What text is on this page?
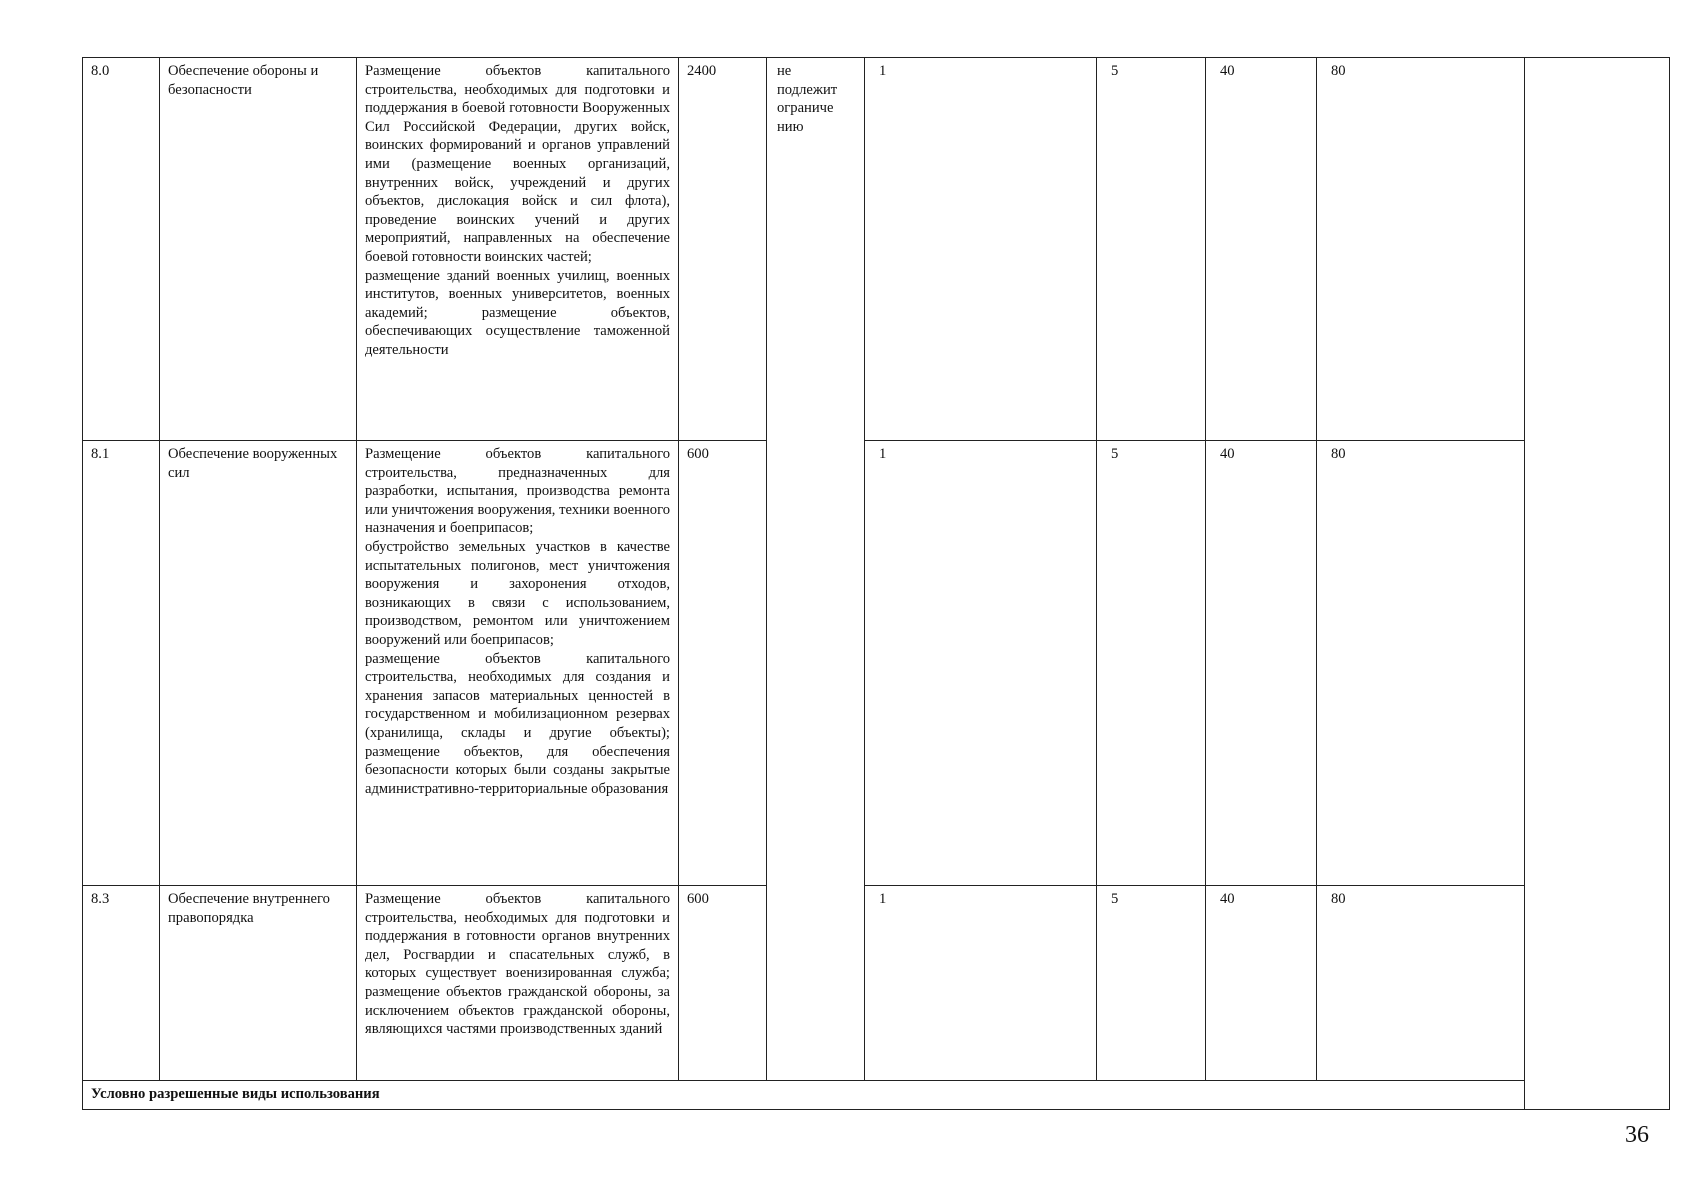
8.0	Обеспечение обороны и безопасности	Размещение объектов капитального строительства, необходимых для подготовки и поддержания в боевой готовности Вооруженных Сил Российской Федерации, других войск, воинских формирований и органов управлений ими (размещение военных организаций, внутренних войск, учреждений и других объектов, дислокация войск и сил флота), проведение воинских учений и других мероприятий, направленных на обеспечение боевой готовности воинских частей;
размещение зданий военных училищ, военных институтов, военных университетов, военных академий; размещение объектов, обеспечивающих осуществление таможенной деятельности	2400	не подлежит ограниче нию	1	5	40	80	
8.1	Обеспечение вооруженных сил	Размещение объектов капитального строительства, предназначенных для разработки, испытания, производства ремонта или уничтожения вооружения, техники военного назначения и боеприпасов;
обустройство земельных участков в качестве испытательных полигонов, мест уничтожения вооружения и захоронения отходов, возникающих в связи с использованием, производством, ремонтом или уничтожением вооружений или боеприпасов;
размещение объектов капитального строительства, необходимых для создания и хранения запасов материальных ценностей в государственном и мобилизационном резервах (хранилища, склады и другие объекты); размещение объектов, для обеспечения безопасности которых были созданы закрытые административно-территориальные образования	600		1	5	40	80	
8.3	Обеспечение внутреннего правопорядка	Размещение объектов капитального строительства, необходимых для подготовки и поддержания в готовности органов внутренних дел, Росгвардии и спасательных служб, в которых существует военизированная служба; размещение объектов гражданской обороны, за исключением объектов гражданской обороны, являющихся частями производственных зданий	600		1	5	40	80	
Условно разрешенные виды использования									
36
